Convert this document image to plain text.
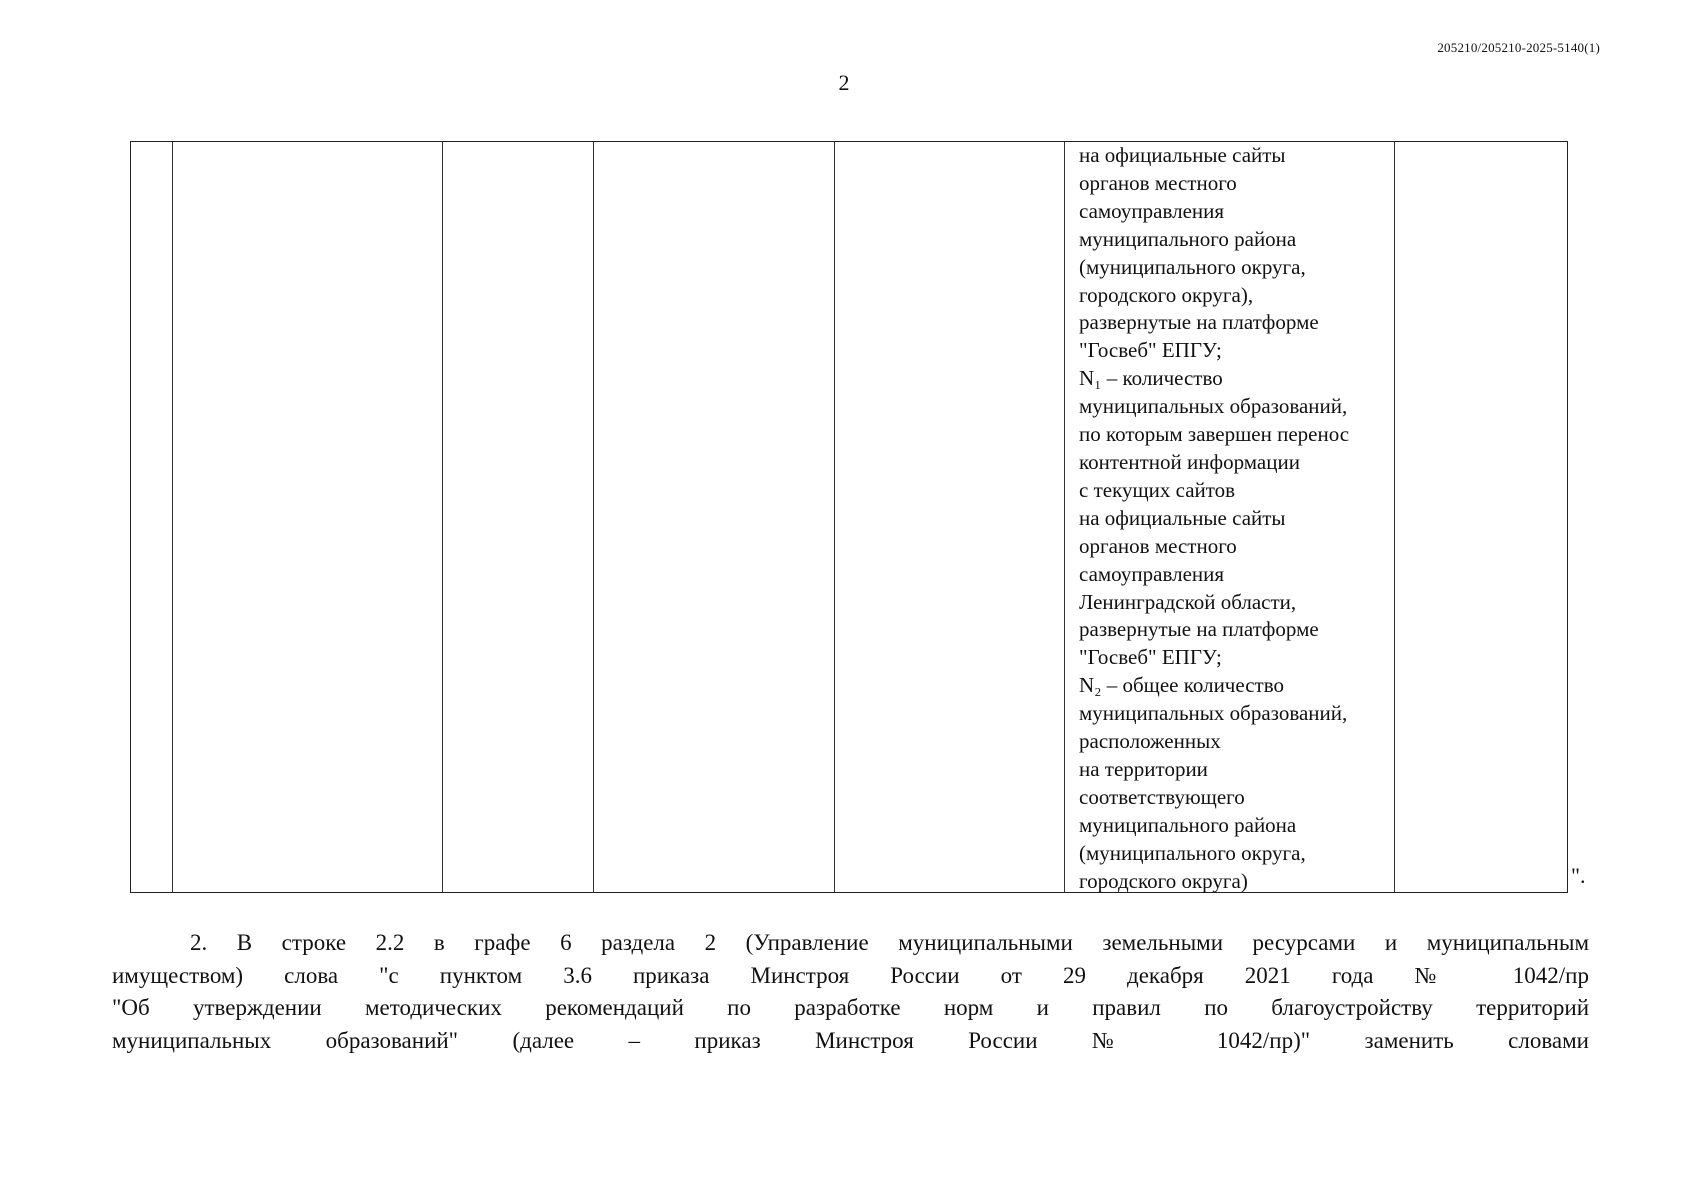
205210/205210-2025-5140(1)
2
на официальные сайты
органов местного
самоуправления
муниципального района
(муниципального округа,
городского округа),
развернутые на платформе
"Госвеб" ЕПГУ;
N₁ – количество
муниципальных образований,
по которым завершен перенос
контентной информации
с текущих сайтов
на официальные сайты
органов местного
самоуправления
Ленинградской области,
развернутые на платформе
"Госвеб" ЕПГУ;
N₂ – общее количество
муниципальных образований,
расположенных
на территории
соответствующего
муниципального района
(муниципального округа,
городского округа)	".
2. В строке 2.2 в графе 6 раздела 2 (Управление муниципальными земельными ресурсами и муниципальным
имуществом) слова "с пунктом 3.6 приказа Минстроя России от 29 декабря 2021 года № 1042/пр
"Об утверждении методических рекомендаций по разработке норм и правил по благоустройству территорий
муниципальных образований" (далее – приказ Минстроя России № 1042/пр)" заменить словами
